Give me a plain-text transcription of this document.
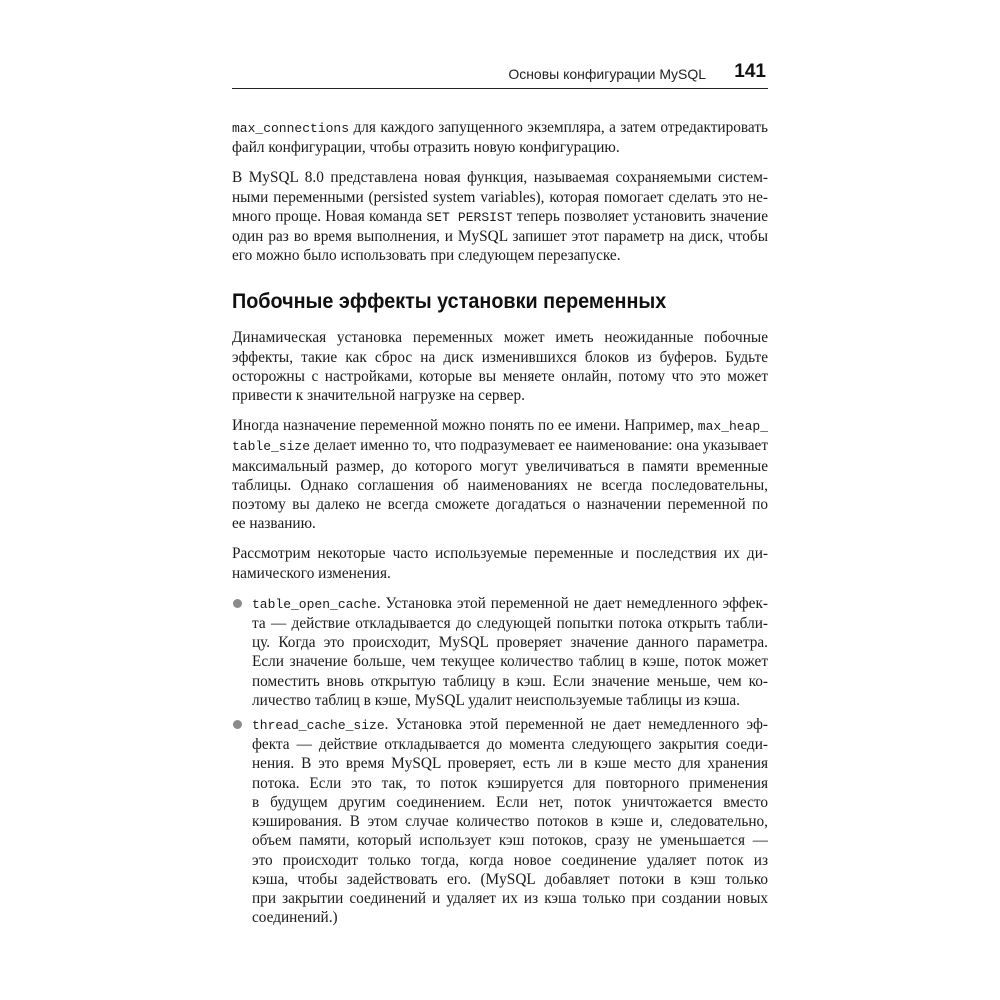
Основы конфигурации MySQL 141
max_connections для каждого запущенного экземпляра, а затем отредактировать
файл конфигурации, чтобы отразить новую конфигурацию.
В MySQL 8.0 представлена новая функция, называемая сохраняемыми систем-
ными переменными (persisted system variables), которая помогает сделать это не-
много проще. Новая команда SET PERSIST теперь позволяет установить значение
один раз во время выполнения, и MySQL запишет этот параметр на диск, чтобы
его можно было использовать при следующем перезапуске.
Побочные эффекты установки переменных
Динамическая установка переменных может иметь неожиданные побочные
эффекты, такие как сброс на диск изменившихся блоков из буферов. Будьте
осторожны с настройками, которые вы меняете онлайн, потому что это может
привести к значительной нагрузке на сервер.
Иногда назначение переменной можно понять по ее имени. Например, max_heap_
table_size делает именно то, что подразумевает ее наименование: она указывает
максимальный размер, до которого могут увеличиваться в памяти временные
таблицы. Однако соглашения об наименованиях не всегда последовательны,
поэтому вы далеко не всегда сможете догадаться о назначении переменной по
ее названию.
Рассмотрим некоторые часто используемые переменные и последствия их ди-
намического изменения.
table_open_cache. Установка этой переменной не дает немедленного эффек-
та — действие откладывается до следующей попытки потока открыть табли-
цу. Когда это происходит, MySQL проверяет значение данного параметра.
Если значение больше, чем текущее количество таблиц в кэше, поток может
поместить вновь открытую таблицу в кэш. Если значение меньше, чем ко-
личество таблиц в кэше, MySQL удалит неиспользуемые таблицы из кэша.
thread_cache_size. Установка этой переменной не дает немедленного эф-
фекта — действие откладывается до момента следующего закрытия соеди-
нения. В это время MySQL проверяет, есть ли в кэше место для хранения
потока. Если это так, то поток кэшируется для повторного применения
в будущем другим соединением. Если нет, поток уничтожается вместо
кэширования. В этом случае количество потоков в кэше и, следовательно,
объем памяти, который использует кэш потоков, сразу не уменьшается —
это происходит только тогда, когда новое соединение удаляет поток из
кэша, чтобы задействовать его. (MySQL добавляет потоки в кэш только
при закрытии соединений и удаляет их из кэша только при создании новых
соединений.)
